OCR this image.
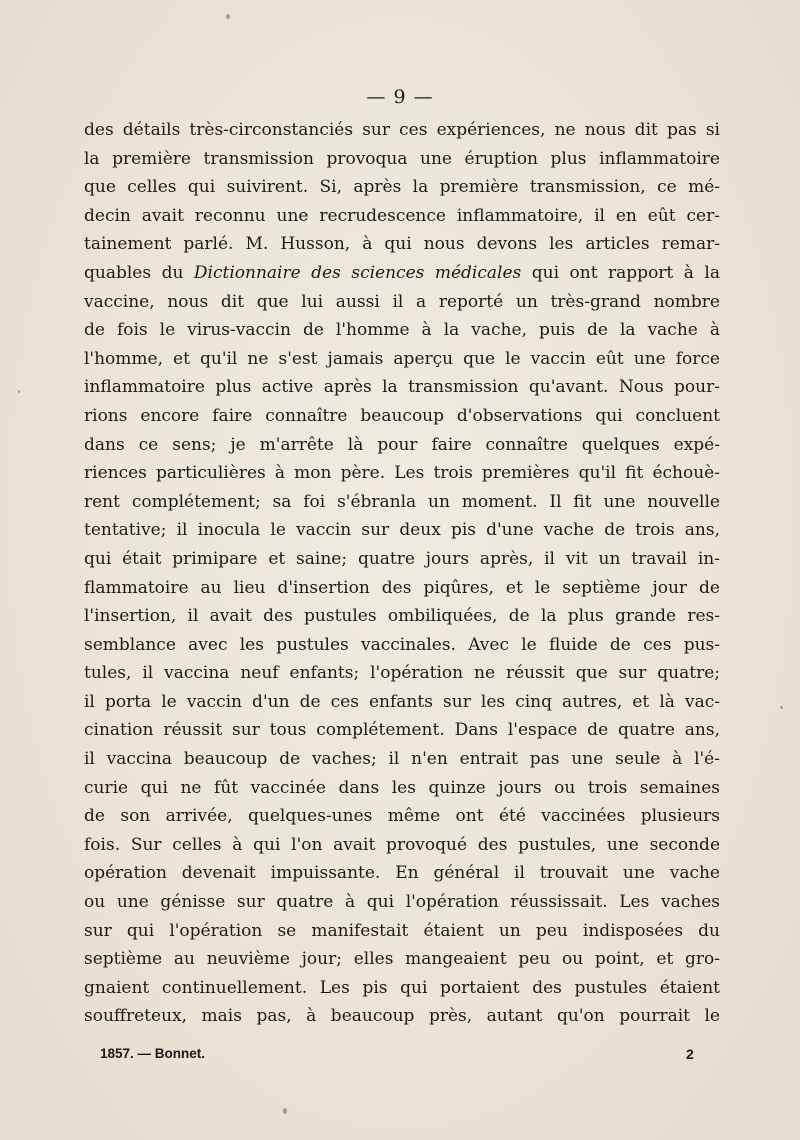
— 9 —
des détails très-circonstanciés sur ces expériences, ne nous dit pas si
la première transmission provoqua une éruption plus inflammatoire
que celles qui suivirent. Si, après la première transmission, ce mé-
decin avait reconnu une recrudescence inflammatoire, il en eût cer-
tainement parlé. M. Husson, à qui nous devons les articles remar-
quables du Dictionnaire des sciences médicales qui ont rapport à la
vaccine, nous dit que lui aussi il a reporté un très-grand nombre
de fois le virus-vaccin de l'homme à la vache, puis de la vache à
l'homme, et qu'il ne s'est jamais aperçu que le vaccin eût une force
inflammatoire plus active après la transmission qu'avant. Nous pour-
rions encore faire connaître beaucoup d'observations qui concluent
dans ce sens; je m'arrête là pour faire connaître quelques expé-
riences particulières à mon père. Les trois premières qu'il fit échouè-
rent complétement; sa foi s'ébranla un moment. Il fit une nouvelle
tentative; il inocula le vaccin sur deux pis d'une vache de trois ans,
qui était primipare et saine; quatre jours après, il vit un travail in-
flammatoire au lieu d'insertion des piqûres, et le septième jour de
l'insertion, il avait des pustules ombiliquées, de la plus grande res-
semblance avec les pustules vaccinales. Avec le fluide de ces pus-
tules, il vaccina neuf enfants; l'opération ne réussit que sur quatre;
il porta le vaccin d'un de ces enfants sur les cinq autres, et là vac-
cination réussit sur tous complétement. Dans l'espace de quatre ans,
il vaccina beaucoup de vaches; il n'en entrait pas une seule à l'é-
curie qui ne fût vaccinée dans les quinze jours ou trois semaines
de son arrivée, quelques-unes même ont été vaccinées plusieurs
fois. Sur celles à qui l'on avait provoqué des pustules, une seconde
opération devenait impuissante. En général il trouvait une vache
ou une génisse sur quatre à qui l'opération réussissait. Les vaches
sur qui l'opération se manifestait étaient un peu indisposées du
septième au neuvième jour; elles mangeaient peu ou point, et gro-
gnaient continuellement. Les pis qui portaient des pustules étaient
souffreteux, mais pas, à beaucoup près, autant qu'on pourrait le
1857. — Bonnet.	2
